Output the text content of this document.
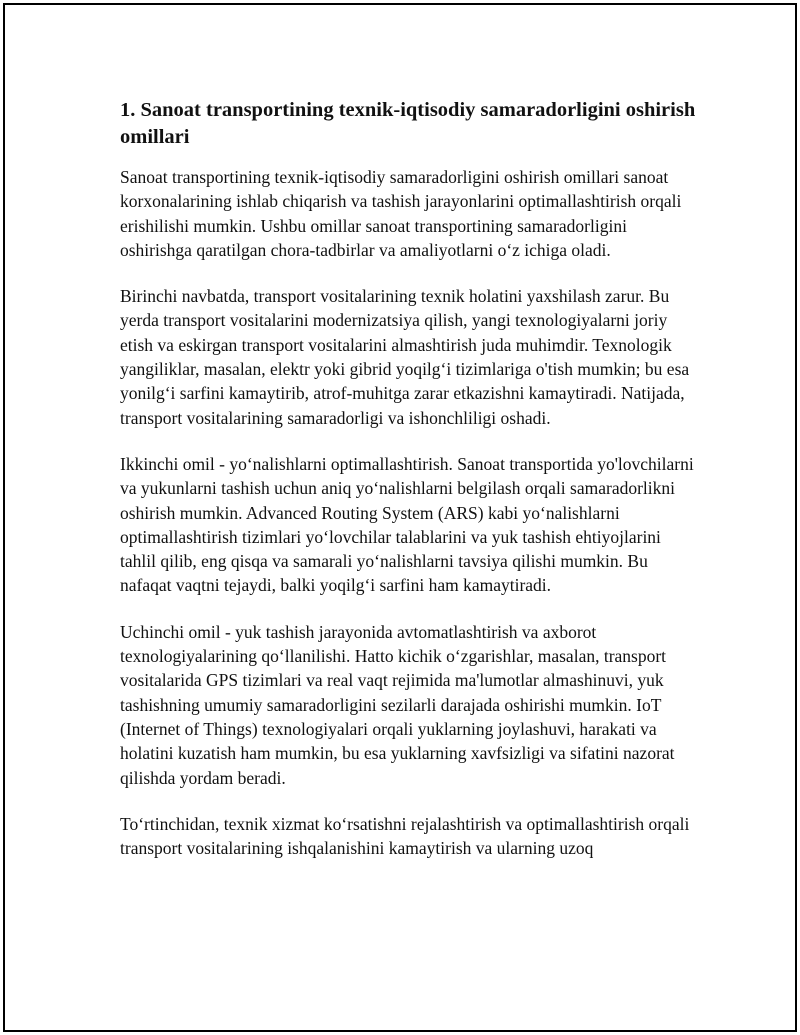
1. Sanoat transportining texnik-iqtisodiy samaradorligini oshirish omillari

Sanoat transportining texnik-iqtisodiy samaradorligini oshirish omillari sanoat korxonalarining ishlab chiqarish va tashish jarayonlarini optimallashtirish orqali erishilishi mumkin. Ushbu omillar sanoat transportining samaradorligini oshirishga qaratilgan chora-tadbirlar va amaliyotlarni o‘z ichiga oladi.

Birinchi navbatda, transport vositalarining texnik holatini yaxshilash zarur. Bu yerda transport vositalarini modernizatsiya qilish, yangi texnologiyalarni joriy etish va eskirgan transport vositalarini almashtirish juda muhimdir. Texnologik yangiliklar, masalan, elektr yoki gibrid yoqilg‘i tizimlariga o'tish mumkin; bu esa yonilg‘i sarfini kamaytirib, atrof-muhitga zarar etkazishni kamaytiradi. Natijada, transport vositalarining samaradorligi va ishonchliligi oshadi.

Ikkinchi omil - yo‘nalishlarni optimallashtirish. Sanoat transportida yo'lovchilarni va yukunlarni tashish uchun aniq yo‘nalishlarni belgilash orqali samaradorlikni oshirish mumkin. Advanced Routing System (ARS) kabi yo‘nalishlarni optimallashtirish tizimlari yo‘lovchilar talablarini va yuk tashish ehtiyojlarini tahlil qilib, eng qisqa va samarali yo‘nalishlarni tavsiya qilishi mumkin. Bu nafaqat vaqtni tejaydi, balki yoqilg‘i sarfini ham kamaytiradi.

Uchinchi omil - yuk tashish jarayonida avtomatlashtirish va axborot texnologiyalarining qo‘llanilishi. Hatto kichik o‘zgarishlar, masalan, transport vositalarida GPS tizimlari va real vaqt rejimida ma'lumotlar almashinuvi, yuk tashishning umumiy samaradorligini sezilarli darajada oshirishi mumkin. IoT (Internet of Things) texnologiyalari orqali yuklarning joylashuvi, harakati va holatini kuzatish ham mumkin, bu esa yuklarning xavfsizligi va sifatini nazorat qilishda yordam beradi.

To‘rtinchidan, texnik xizmat ko‘rsatishni rejalashtirish va optimallashtirish orqali transport vositalarining ishqalanishini kamaytirish va ularning uzoq
